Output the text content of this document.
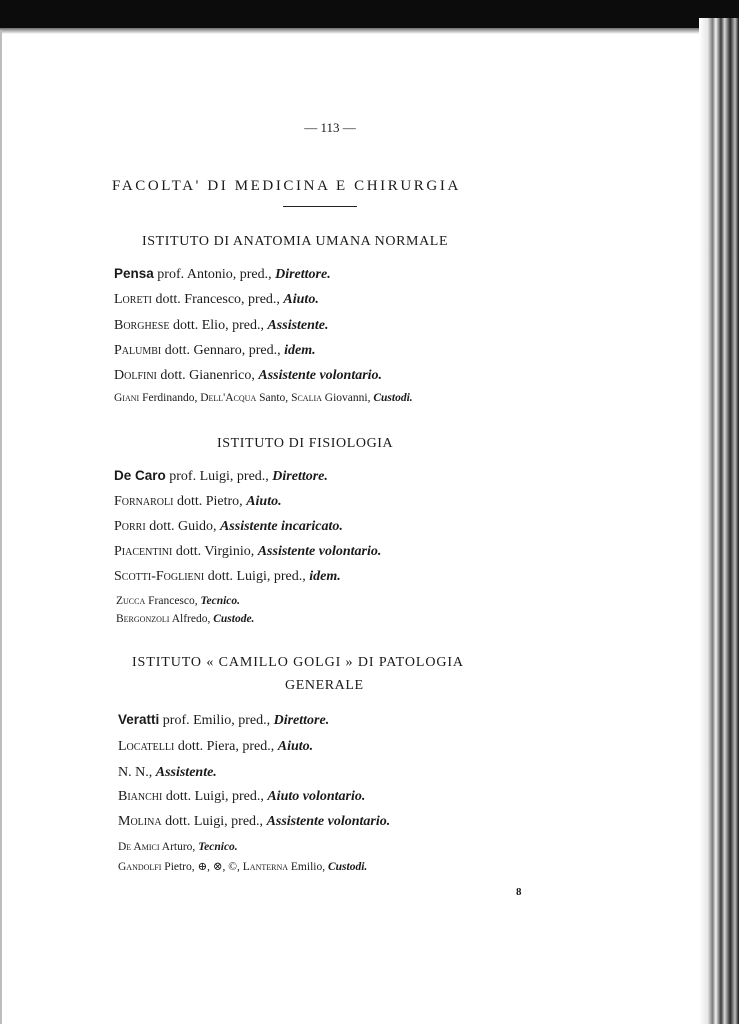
— 113 —
FACOLTA' DI MEDICINA E CHIRURGIA
ISTITUTO DI ANATOMIA UMANA NORMALE
Pensa prof. Antonio, pred., Direttore.
Loreti dott. Francesco, pred., Aiuto.
Borghese dott. Elio, pred., Assistente.
Palumbi dott. Gennaro, pred., idem.
Dolfini dott. Gianenrico, Assistente volontario.
Giani Ferdinando, Dell'Acqua Santo, Scalia Giovanni, Custodi.
ISTITUTO DI FISIOLOGIA
De Caro prof. Luigi, pred., Direttore.
Fornaroli dott. Pietro, Aiuto.
Porri dott. Guido, Assistente incaricato.
Piacentini dott. Virginio, Assistente volontario.
Scotti-Foglieni dott. Luigi, pred., idem.
Zucca Francesco, Tecnico.
Bergonzoli Alfredo, Custode.
ISTITUTO « CAMILLO GOLGI » DI PATOLOGIA
GENERALE
Veratti prof. Emilio, pred., Direttore.
Locatelli dott. Piera, pred., Aiuto.
N. N., Assistente.
Bianchi dott. Luigi, pred., Aiuto volontario.
Molina dott. Luigi, pred., Assistente volontario.
De Amici Arturo, Tecnico.
Gandolfi Pietro, ⊕, ⊗, ©, Lanterna Emilio, Custodi.
8
